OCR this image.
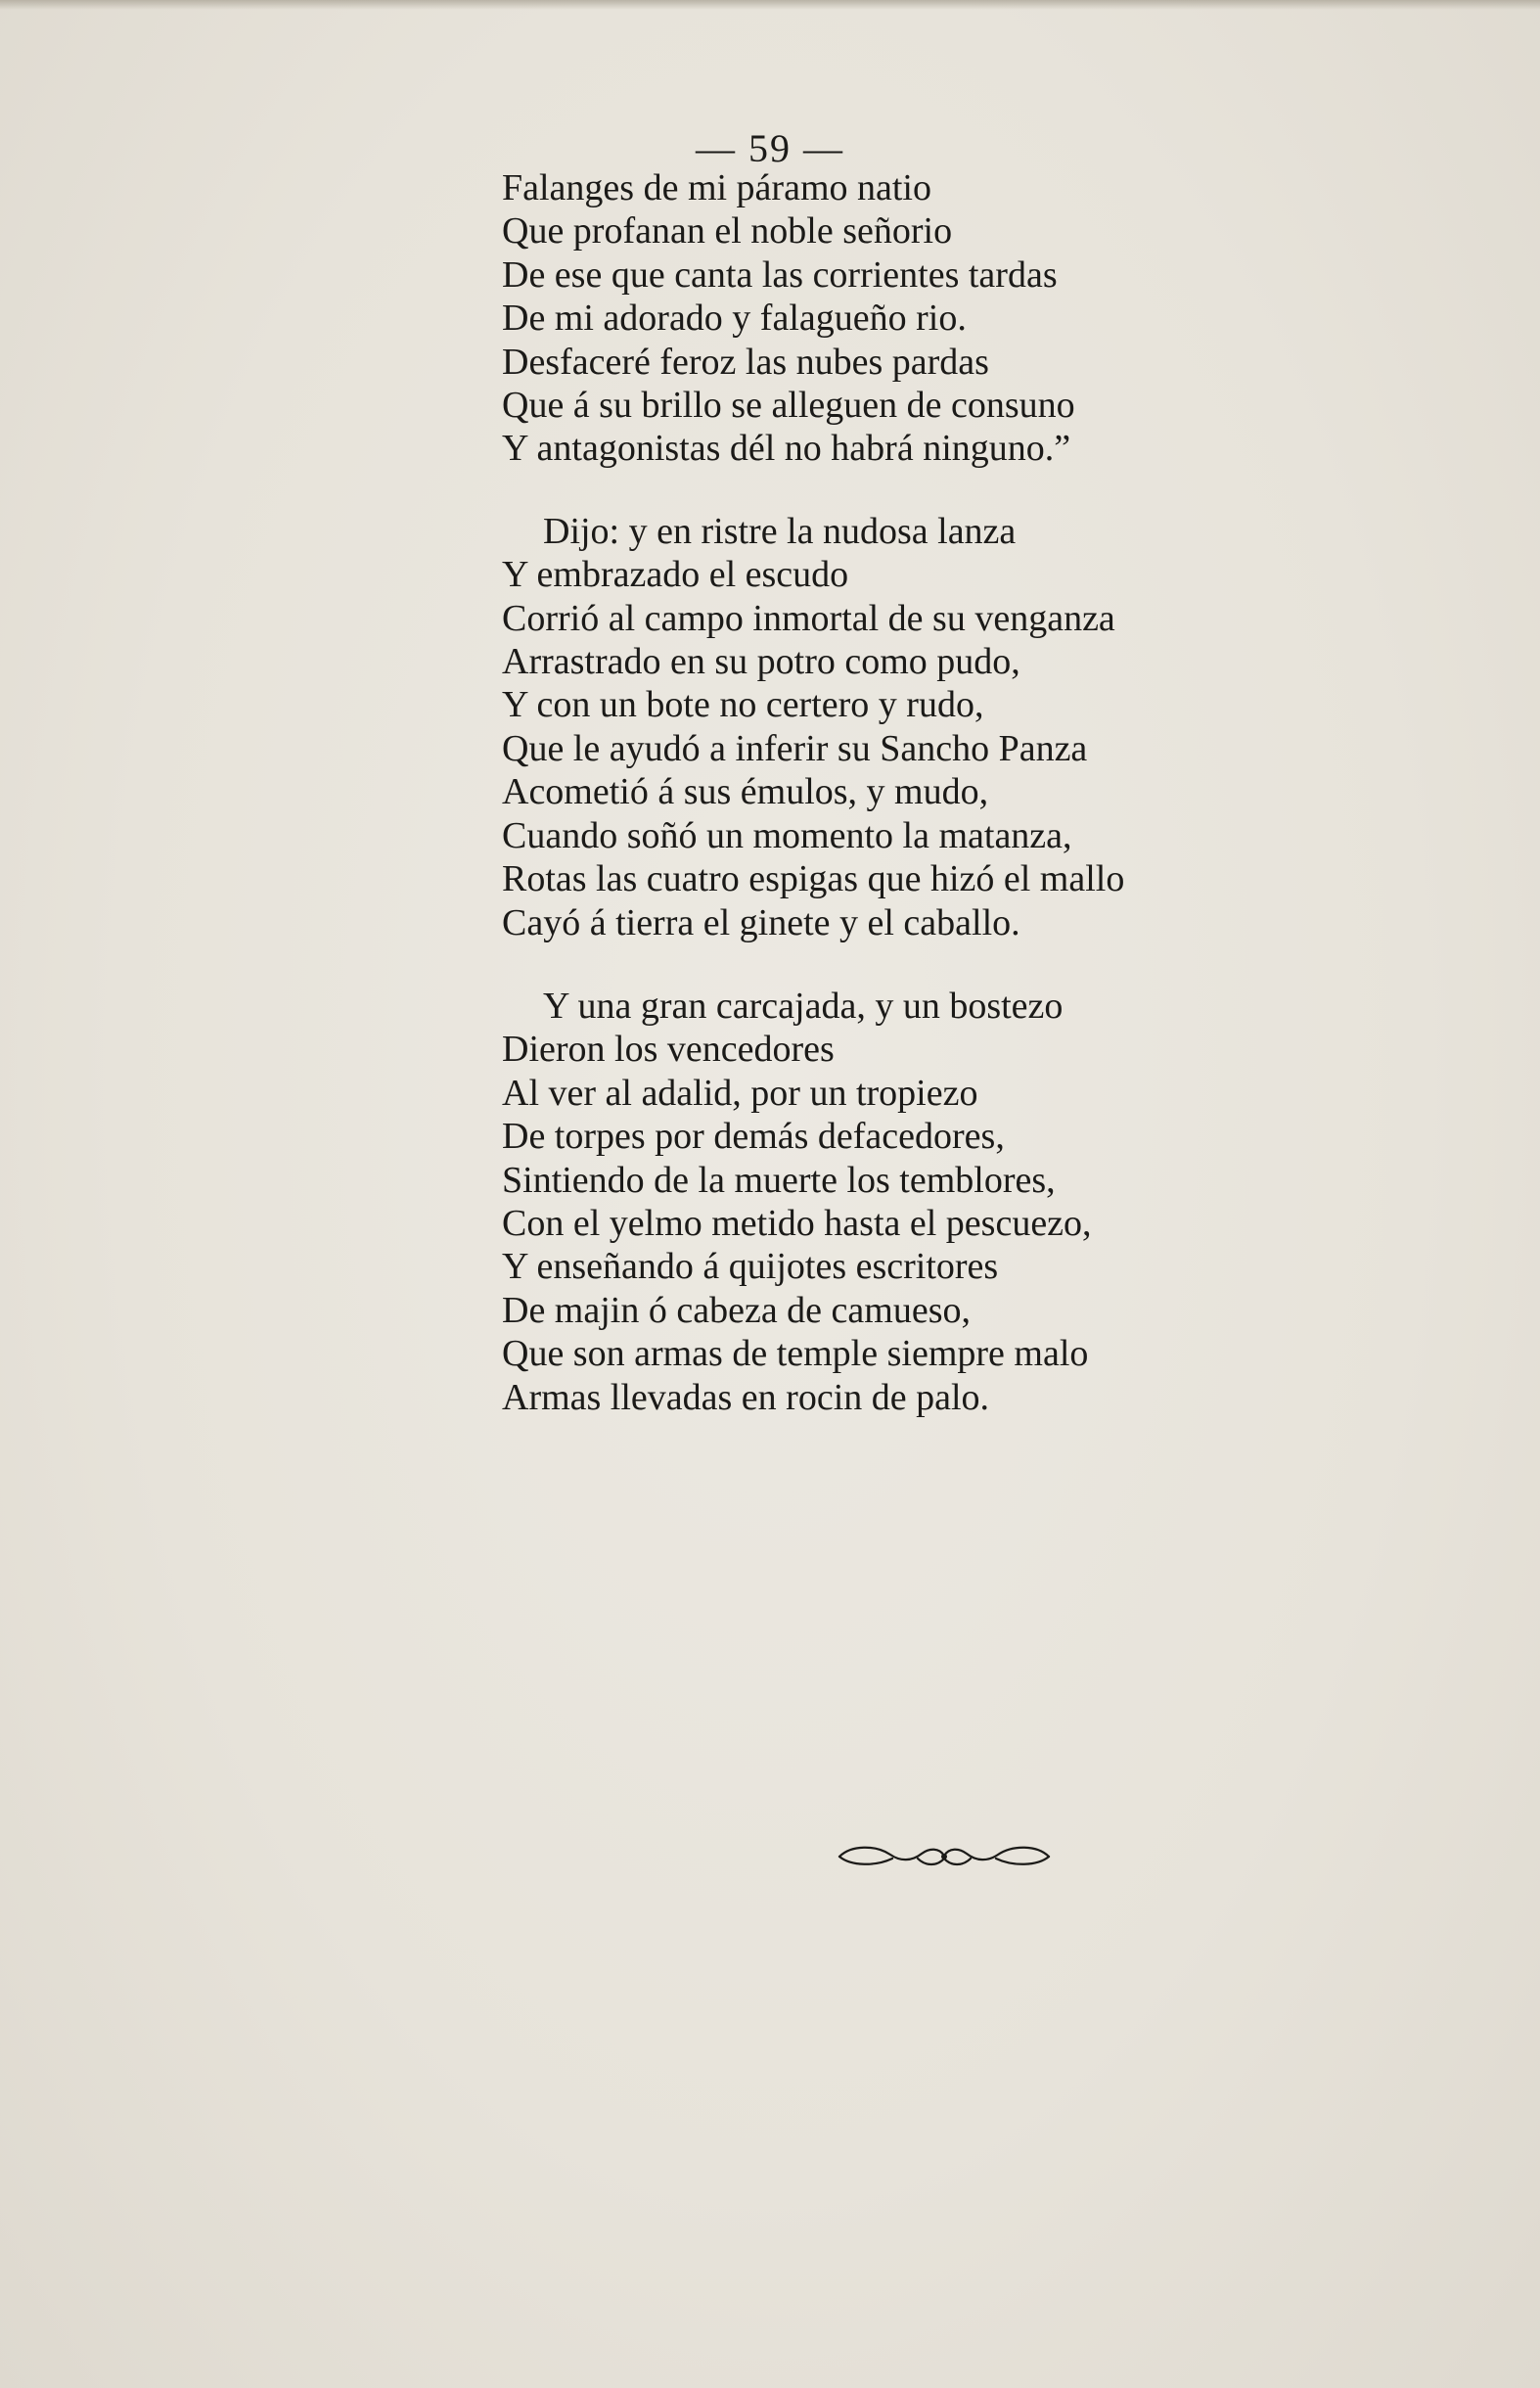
— 59 —
Falanges de mi páramo natio
Que profanan el noble señorio
De ese que canta las corrientes tardas
De mi adorado y falagueño rio.
Desfaceré feroz las nubes pardas
Que á su brillo se alleguen de consuno
Y antagonistas dél no habrá ninguno.”
Dijo: y en ristre la nudosa lanza
Y embrazado el escudo
Corrió al campo inmortal de su venganza
Arrastrado en su potro como pudo,
Y con un bote no certero y rudo,
Que le ayudó a inferir su Sancho Panza
Acometió á sus émulos, y mudo,
Cuando soñó un momento la matanza,
Rotas las cuatro espigas que hizó el mallo
Cayó á tierra el ginete y el caballo.
Y una gran carcajada, y un bostezo
Dieron los vencedores
Al ver al adalid, por un tropiezo
De torpes por demás defacedores,
Sintiendo de la muerte los temblores,
Con el yelmo metido hasta el pescuezo,
Y enseñando á quijotes escritores
De majin ó cabeza de camueso,
Que son armas de temple siempre malo
Armas llevadas en rocin de palo.
